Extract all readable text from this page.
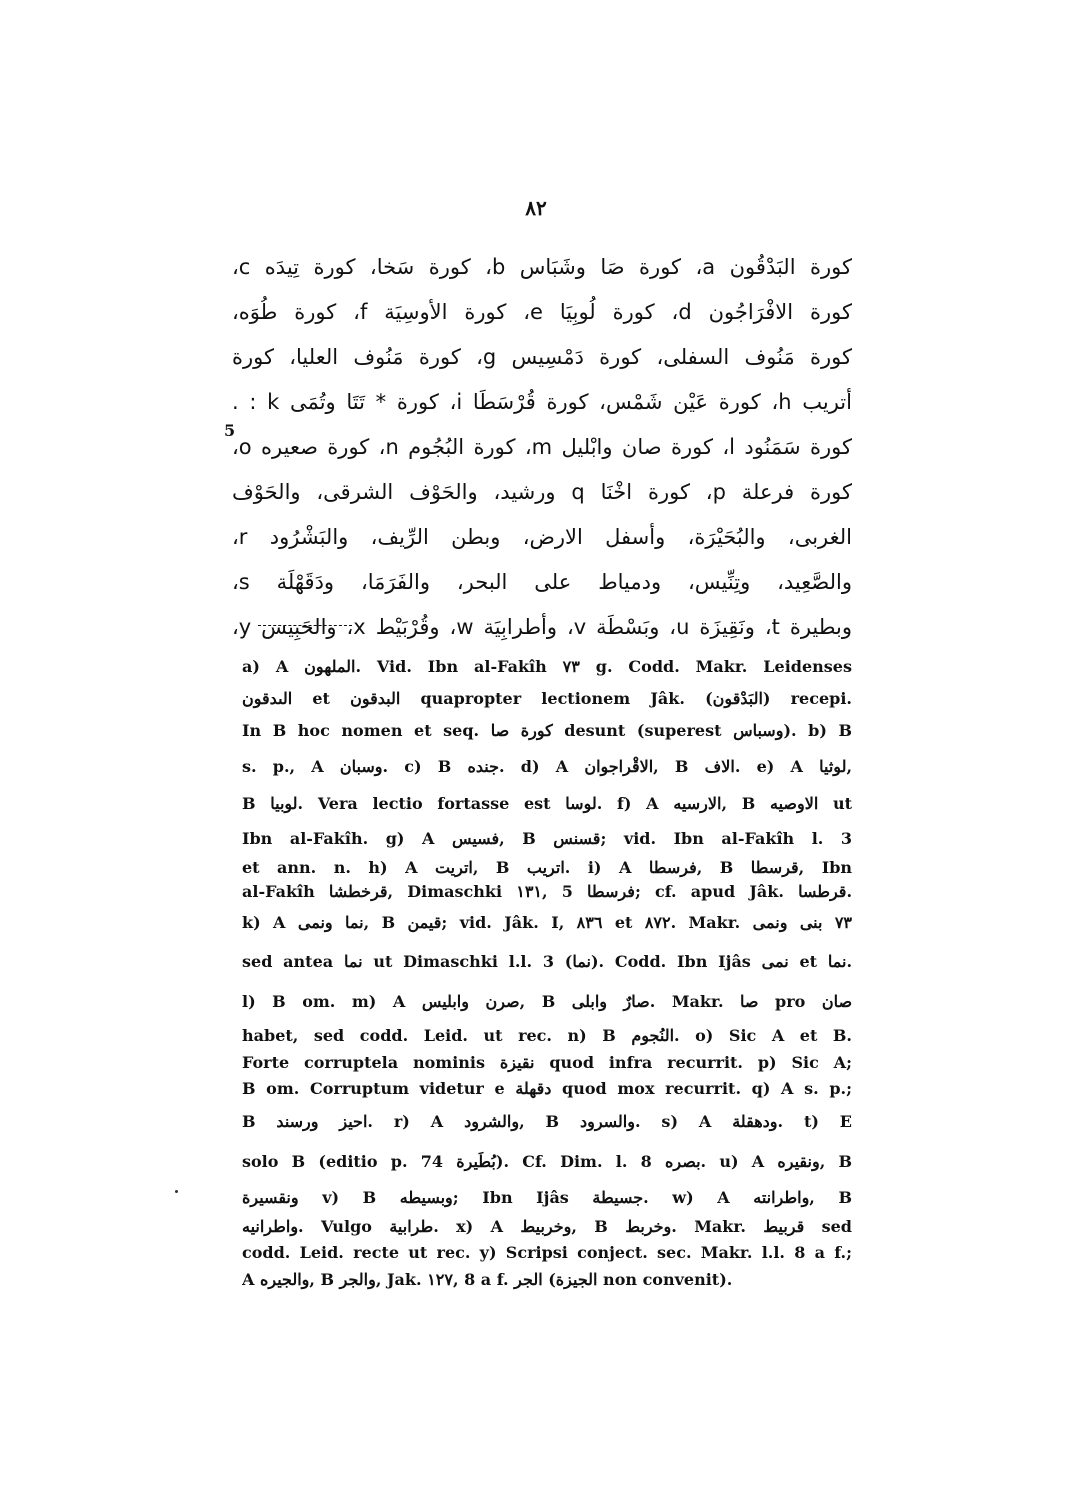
٨٢
كورة البَدْقُون a، كورة صَا وشَبَاس b، كورة سَخا، كورة تِيدَه c،
كورة الافْرَاجُون d، كورة لُوبِيَا e، كورة الأوسِيَة f، كورة طُوَه،
كورة مَنُوف السفلى، كورة دَمْسِيس g، كورة مَنُوف العليا، كورة
أتريب h، كورة عَيْن شَمْس، كورة قُرْسَطَا i، كورة * تَتَا وتُمَى k : .
كورة سَمَنُود l، كورة صان وابْليل m، كورة البُجُوم n، كورة صعيره o،
كورة فرعلة p، كورة اخْنَا q ورشيد، والحَوْف الشرقى، والحَوْف
الغربى، والبُحَيْرَة، وأسفل الارض، وبطن الرِّيف، والبَشْرُود r،
والصَّعِيد، وتِنِّيس، ودمياط على البحر، والفَرَمَا، ودَقَهْلَة s،
وبطيرة t، ونَقِيزَة u، وبَسْطَة v، وأطرابِيَة w، وقُرْبَيْط x، والحَبِيس y،
5
a) A الملهون. Vid. Ibn al-Fakîh ٧٣ g. Codd. Makr. Leidenses
الىدقون et البدقون quapropter lectionem Jâk. (البَدْقون) recepi.
In B hoc nomen et seq. كورة صا desunt (superest وسباس). b) B
s. p., A وسبان. c) B جنده. d) A الاقْراجوان, B الاف. e) A لوثيا,
B لوبيا. Vera lectio fortasse est لوسا. f) A الارسيه, B الاوصيه ut
Ibn al-Fakîh. g) A فسيس, B قسنس; vid. Ibn al-Fakîh l. 3
et ann. n. h) A اتريت, B اتريب. i) A فرسطا, B قرسطا, Ibn
al-Fakîh قرخطشا, Dimaschki ١٣١, 5 فرسطا; cf. apud Jâk. قرطسا.
k) A نما ونمى, B قيمن; vid. Jâk. I, ٨٣٦ et ٨٧٢. Makr. ٧٣ بنى ونمى
sed antea نما ut Dimaschki l.l. 3 (نما). Codd. Ibn Ijâs نمى et نما.
l) B om. m) A صرن وابليس, B صارٌ وابلى. Makr. صا pro صان
habet, sed codd. Leid. ut rec. n) B النُجوم. o) Sic A et B.
Forte corruptela nominis نقيزة quod infra recurrit. p) Sic A;
B om. Corruptum videtur e دقهلة quod mox recurrit. q) A s. p.;
B احيز ورسند. r) A والشرود, B والسرود. s) A ودهقلة. t) E
solo B (editio p. 74 بُطَيرة). Cf. Dim. l. 8 بصره. u) A ونقيره, B
ونقسيرة v) B وبسيطه; Ibn Ijâs جسيطة. w) A واطرانته, B
واطرانيه. Vulgo طرابية. x) A وخربيط, B وخربط. Makr. قربيط sed
codd. Leid. recte ut rec. y) Scripsi conject. sec. Makr. l.l. 8 a f.;
A والجيره, B والجر, Jak. ١٢٧, 8 a f. الجر (الجيزة non convenit).
